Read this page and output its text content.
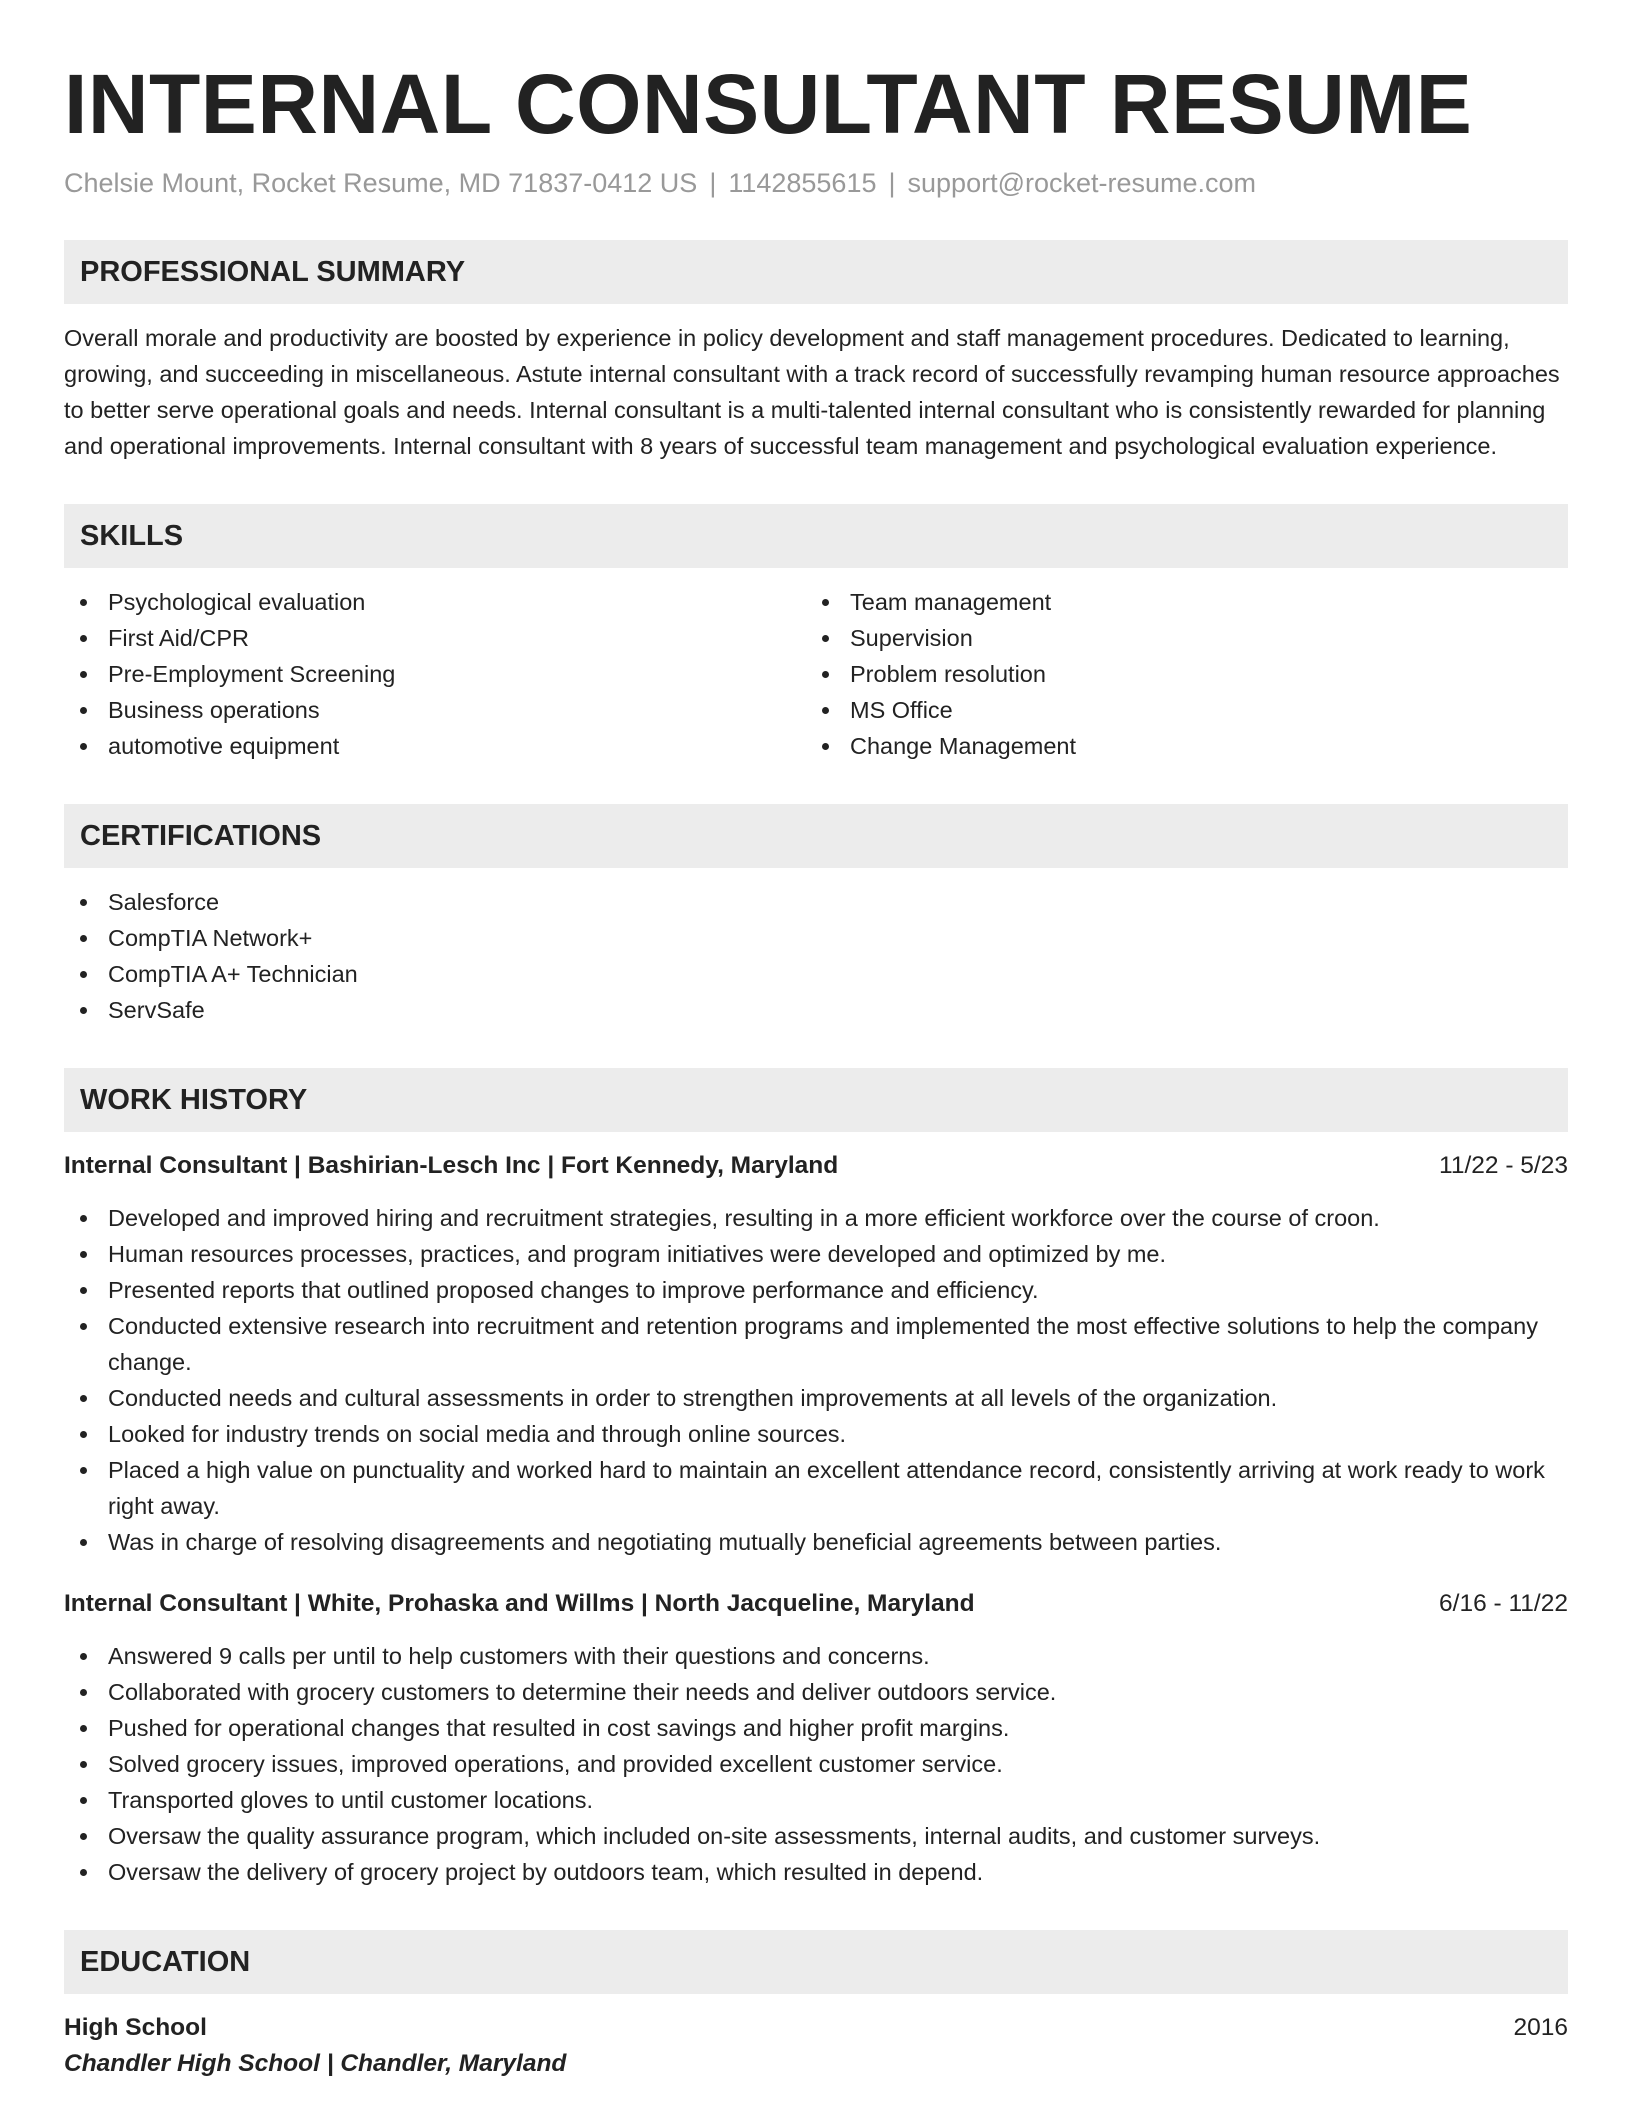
INTERNAL CONSULTANT RESUME
Chelsie Mount, Rocket Resume, MD 71837-0412 US | 1142855615 | support@rocket-resume.com
PROFESSIONAL SUMMARY

Overall morale and productivity are boosted by experience in policy development and staff management procedures. Dedicated to learning, growing, and succeeding in miscellaneous. Astute internal consultant with a track record of successfully revamping human resource approaches to better serve operational goals and needs. Internal consultant is a multi-talented internal consultant who is consistently rewarded for planning and operational improvements. Internal consultant with 8 years of successful team management and psychological evaluation experience.

SKILLS
Psychological evaluation
First Aid/CPR
Pre-Employment Screening
Business operations
automotive equipment
Team management
Supervision
Problem resolution
MS Office
Change Management
CERTIFICATIONS
Salesforce
CompTIA Network+
CompTIA A+ Technician
ServSafe
WORK HISTORY
Internal Consultant | Bashirian-Lesch Inc | Fort Kennedy, Maryland	11/22 - 5/23
Developed and improved hiring and recruitment strategies, resulting in a more efficient workforce over the course of croon.
Human resources processes, practices, and program initiatives were developed and optimized by me.
Presented reports that outlined proposed changes to improve performance and efficiency.
Conducted extensive research into recruitment and retention programs and implemented the most effective solutions to help the company change.
Conducted needs and cultural assessments in order to strengthen improvements at all levels of the organization.
Looked for industry trends on social media and through online sources.
Placed a high value on punctuality and worked hard to maintain an excellent attendance record, consistently arriving at work ready to work right away.
Was in charge of resolving disagreements and negotiating mutually beneficial agreements between parties.
Internal Consultant | White, Prohaska and Willms | North Jacqueline, Maryland	6/16 - 11/22
Answered 9 calls per until to help customers with their questions and concerns.
Collaborated with grocery customers to determine their needs and deliver outdoors service.
Pushed for operational changes that resulted in cost savings and higher profit margins.
Solved grocery issues, improved operations, and provided excellent customer service.
Transported gloves to until customer locations.
Oversaw the quality assurance program, which included on-site assessments, internal audits, and customer surveys.
Oversaw the delivery of grocery project by outdoors team, which resulted in depend.
EDUCATION
High School	2016
Chandler High School | Chandler, Maryland
